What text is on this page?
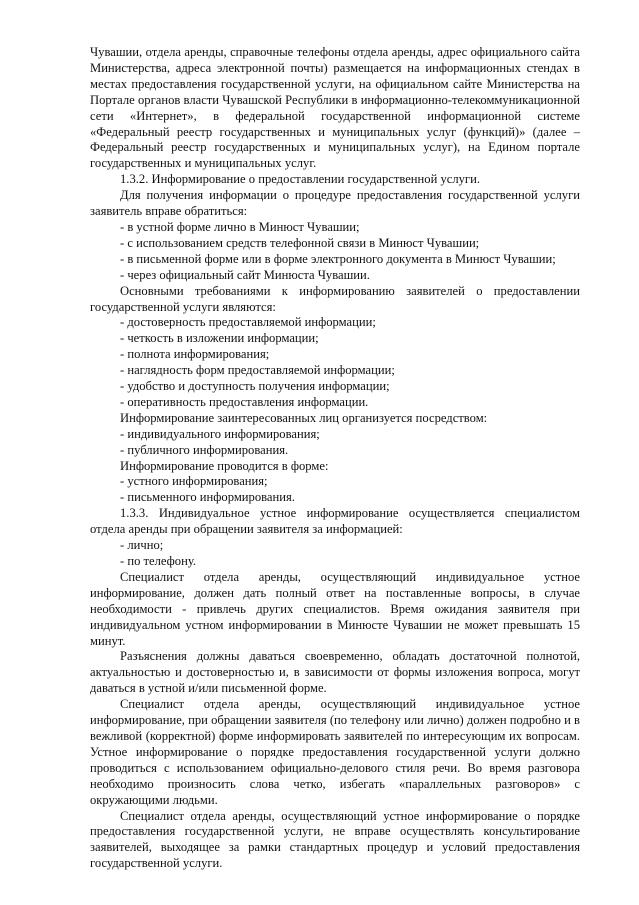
Чувашии, отдела аренды, справочные телефоны отдела аренды, адрес официального сайта Министерства, адреса электронной почты) размещается на информационных стендах в местах предоставления государственной услуги, на официальном сайте Министерства на Портале органов власти Чувашской Республики в информационно-телекоммуникационной сети «Интернет», в федеральной государственной информационной системе «Федеральный реестр государственных и муниципальных услуг (функций)» (далее – Федеральный реестр государственных и муниципальных услуг), на Едином портале государственных и муниципальных услуг.

1.3.2. Информирование о предоставлении государственной услуги.

Для получения информации о процедуре предоставления государственной услуги заявитель вправе обратиться:

- в устной форме лично в Минюст Чувашии;

- с использованием средств телефонной связи в Минюст Чувашии;

- в письменной форме или в форме электронного документа в Минюст Чувашии;

- через официальный сайт Минюста Чувашии.

Основными требованиями к информированию заявителей о предоставлении государственной услуги являются:

- достоверность предоставляемой информации;

- четкость в изложении информации;

- полнота информирования;

- наглядность форм предоставляемой информации;

- удобство и доступность получения информации;

- оперативность предоставления информации.

Информирование заинтересованных лиц организуется посредством:

- индивидуального информирования;

- публичного информирования.

Информирование проводится в форме:

- устного информирования;

- письменного информирования.

1.3.3. Индивидуальное устное информирование осуществляется специалистом отдела аренды при обращении заявителя за информацией:

- лично;

- по телефону.

Специалист отдела аренды, осуществляющий индивидуальное устное информирование, должен дать полный ответ на поставленные вопросы, в случае необходимости - привлечь других специалистов. Время ожидания заявителя при индивидуальном устном информировании в Минюсте Чувашии не может превышать 15 минут.

Разъяснения должны даваться своевременно, обладать достаточной полнотой, актуальностью и достоверностью и, в зависимости от формы изложения вопроса, могут даваться в устной и/или письменной форме.

Специалист отдела аренды, осуществляющий индивидуальное устное информирование, при обращении заявителя (по телефону или лично) должен подробно и в вежливой (корректной) форме информировать заявителей по интересующим их вопросам. Устное информирование о порядке предоставления государственной услуги должно проводиться с использованием официально-делового стиля речи. Во время разговора необходимо произносить слова четко, избегать «параллельных разговоров» с окружающими людьми.

Специалист отдела аренды, осуществляющий устное информирование о порядке предоставления государственной услуги, не вправе осуществлять консультирование заявителей, выходящее за рамки стандартных процедур и условий предоставления государственной услуги.
